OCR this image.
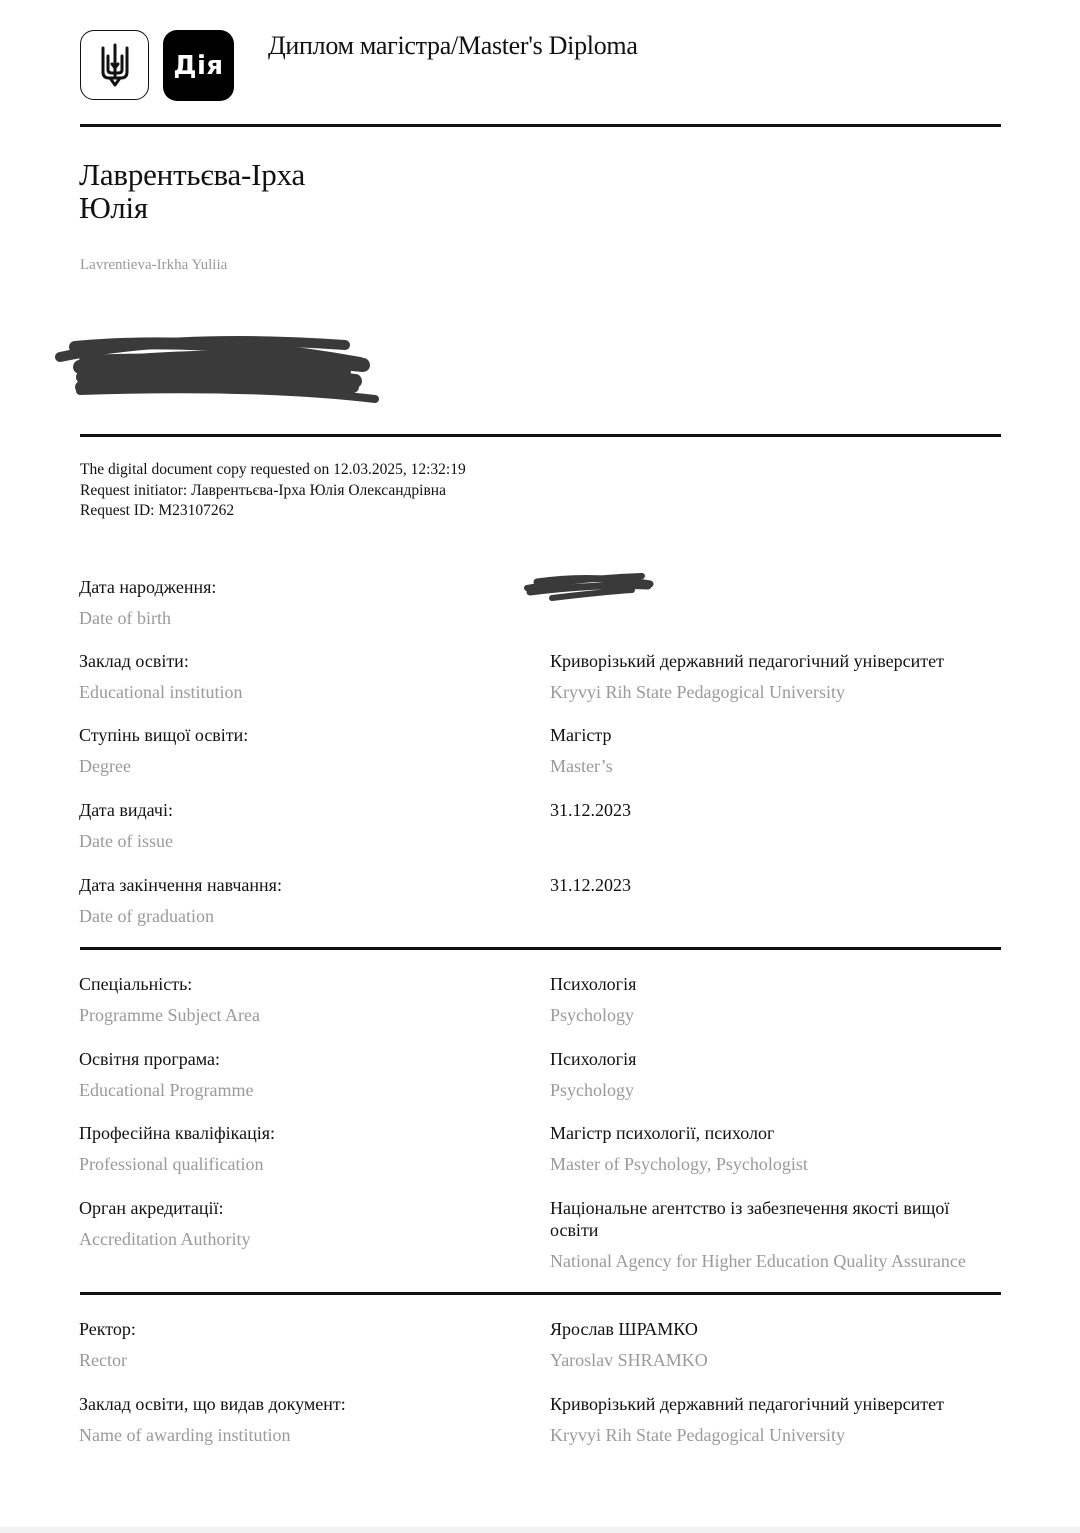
Дія
Диплом магістра/Master's Diploma
Лаврентьєва-Ірха
Юлія
Lavrentieva-Irkha Yuliia
The digital document copy requested on 12.03.2025, 12:32:19
Request initiator: Лаврентьєва-Ірха Юлія Олександрівна
Request ID: M23107262
Дата народження:
Date of birth
Заклад освіти:
Educational institution
Криворізький державний педагогічний університет
Kryvyi Rih State Pedagogical University
Ступінь вищої освіти:
Degree
Магістр
Master’s
Дата видачі:
Date of issue
31.12.2023
Дата закінчення навчання:
Date of graduation
31.12.2023
Спеціальність:
Programme Subject Area
Психологія
Psychology
Освітня програма:
Educational Programme
Психологія
Psychology
Професійна кваліфікація:
Professional qualification
Магістр психології, психолог
Master of Psychology, Psychologist
Орган акредитації:
Accreditation Authority
Національне агентство із забезпечення якості вищої освіти
National Agency for Higher Education Quality Assurance
Ректор:
Rector
Ярослав ШРАМКО
Yaroslav SHRAMKO
Заклад освіти, що видав документ:
Name of awarding institution
Криворізький державний педагогічний університет
Kryvyi Rih State Pedagogical University
